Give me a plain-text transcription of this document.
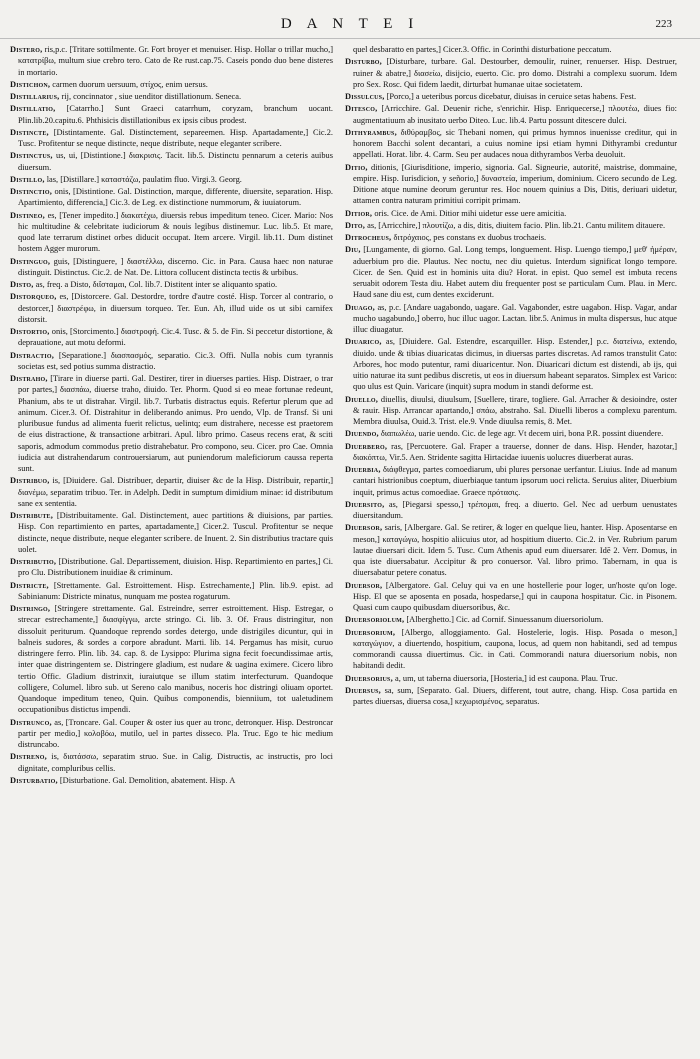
D A N T E I	223

Distero, ris,p.c. [Tritare sottilmente. Gr. Fort broyer et menuiser. Hisp. Hollar o trillar mucho,] κατατρίβω, multum siue crebro tero. Cato de Re rust.cap.75. Caseis pondo duo bene disteres in mortario.

Distichon, carmen duorum uersuum, στίχος, enim uersus.

Distillarius, rij, concinnator , siue uenditor distillationum. Seneca.

Distillatio, [Catarrho.] Sunt Graeci catarrhum, coryzam, branchum uocant. Plin.lib.20.capitu.6. Phthisicis distillationibus ex ipsis cibus prodest.

Distincte, [Distintamente. Gal. Distinctement, separeemen. Hisp. Apartadamente,] Cic.2. Tusc. Profitentur se neque distincte, neque distribute, neque eleganter scribere.

Distinctus, us, ui, [Distintione.] διακρισις. Tacit. lib.5. Distinctu pennarum a ceteris auibus diuersum.

Distillo, las, [Distillare.] καταστάζω, paulatim fluo. Virgi.3. Georg.

Distinctio, onis, [Distintione. Gal. Distinction, marque, differente, diuersite, separation. Hisp. Apartimiento, differencia,] Cic.3. de Leg. ex distinctione nummorum, & iuuiatorum.

Distineo, es, [Tener impedito.] διακατέχω, diuersis rebus impeditum teneo. Cicer. Mario: Nos hic multitudine & celebritate iudiciorum & nouis legibus distinemur. Luc. lib.5. Et mare, quod late terrarum distinet orbes diducit occupat. Item arcere. Virgil. lib.11. Dum distinet hostem Agger murorum.

Distinguo, guis, [Distinguere, ] διαστέλλω, discerno. Cic. in Para. Causa haec non naturae distinguit. Distinctus. Cic.2. de Nat. De. Littora collucent distincta tectis & urbibus.

Disto, as, freq. a Disto, διΐσταμαι, Col. lib.7. Distitent inter se aliquanto spatio.

Distorqueo, es, [Distorcere. Gal. Destordre, tordre d'autre costé. Hisp. Torcer al contrario, o destorcer,] διαστρέφω, in diuersum torqueo. Ter. Eun. Ah, illud uide os ut sibi carnifex distorsit.

Distortio, onis, [Storcimento.] διαστροφή. Cic.4. Tusc. & 5. de Fin. Si peccetur distortione, & deprauatione, aut motu deformi.

Distractio, [Separatione.] διασπασμός, separatio. Cic.3. Offi. Nulla nobis cum tyrannis societas est, sed potius summa distractio.

Distraho, [Tirare in diuerse parti. Gal. Destirer, tirer in diuerses parties. Hisp. Distraer, o trar por partes,] διασπάω, diuerse traho, diuido. Ter. Phorm. Quod si eo meae fortunae redeunt, Phanium, abs te ut distrahar. Virgil. lib.7. Turbatis distractus equis. Refertur plerum que ad animum. Cicer.3. Of. Distrahitur in deliberando animus. Pro uendo, Vlp. de Transf. Si uni pluribusue fundus ad alimenta fuerit relictus, uelintq; eum distrahere, necesse est praetorem de eius distractione, & transactione arbitrari. Apul. libro primo. Caseus recens erat, & sciti saporis, admodum commodus pretio distrahebatur. Pro compono, seu. Cicer. pro Cae. Omnia iudicia aut distrahendarum controuersiarum, aut puniendorum maleficiorum caussa reperta sunt.

Distribuo, is, [Diuidere. Gal. Distribuer, departir, diuiser &c de la Hisp. Distribuir, repartir,] διανέμω, separatim tribuo. Ter. in Adelph. Dedit in sumptum dimidium minae: id distributum sane ex sententia.

Distribute, [Distribuitamente. Gal. Distinctement, auec partitions & diuisions, par parties. Hisp. Con repartimiento en partes, apartadamente,] Cicer.2. Tuscul. Profitentur se neque distincte, neque distribute, neque eleganter scribere. de Inuent. 2. Sin distributius tractare quis uolet.

Distributio, [Distributione. Gal. Departissement, diuision. Hisp. Repartimiento en partes,] Ci. pro Clu. Distributionem inuidiae & criminum.

Districte, [Strettamente. Gal. Estroittement. Hisp. Estrechamente,] Plin. lib.9. epist. ad Sabinianum: Districte minatus, nunquam me postea rogaturum.

Distringo, [Stringere strettamente. Gal. Estreindre, serrer estroittement. Hisp. Estregar, o strecar estrechamente,] διασφίγγω, arcte stringo. Ci. lib. 3. Of. Fraus distringitur, non dissoluit periturum. Quandoque reprendo sordes detergo, unde distrigiles dicuntur, qui in balneis sudores, & sordes a corpore abradunt. Marti. lib. 14. Pergamus has misit, curuo distringere ferro. Plin. lib. 34. cap. 8. de Lysippo: Plurima signa fecit foecundissimae artis, inter quae distringentem se. Distringere gladium, est nudare & uagina eximere. Cicero libro tertio Offic. Gladium distrinxit, iuraiutque se illum statim interfecturum. Quandoque colligere, Columel. libro sub. ut Sereno calo manibus, noceris hoc distringi oliuam oportet. Quandoque impeditum teneo, Quin. Quibus componendis, bienniium, tot ualetudinem occupationibus distictus impendi.

Distrunco, as, [Troncare. Gal. Couper & oster ius quer au tronc, detronquer. Hisp. Destroncar partir per medio,] κολοβόω, mutilo, uel in partes disseco. Pla. Truc. Ego te hic medium distruncabo.

Distreno, is, διατάσσω, separatim struo. Sue. in Calig. Distructis, ac instructis, pro loci dignitate, compluribus cellis.

Disturbatio, [Disturbatione. Gal. Demolition, abatement. Hisp. A

quel desbaratto en partes,] Cicer.3. Offic. in Corinthi disturbatione peccatum.

Disturbo, [Disturbare, turbare. Gal. Destourber, demoulir, ruiner, renuerser. Hisp. Destruer, ruiner & abatre,] διασείω, disijcio, euerto. Cic. pro domo. Distrahi a complexu suorum. Idem pro Sex. Rosc. Qui fidem laedit, dirturbat humanae uitae societatem.

Dissulcus, [Porco,] a ueteribus porcus dicebatur, diuisas in ceruice setas habens. Fest.

Ditesco, [Arricchire. Gal. Deuenir riche, s'enrichir. Hisp. Enriquecerse,] πλουτέω, diues fio: augmentatiuum ab inusitato uerbo Diteo. Luc. lib.4. Partu possunt ditescere dulci.

Dithyrambus, διθύραμβος, sic Thebani nomen, qui primus hymnos inuenisse creditur, qui in honorem Bacchi solent decantari, a cuius nomine ipsi etiam hymni Dithyrambi creduntur appellati. Horat. libr. 4. Carm. Seu per audaces noua dithyrambos Verba deuoluit.

Ditio, ditionis, [Giurisditione, imperio, signoria. Gal. Signeurie, autorité, maistrise, dommaine, empire. Hisp. Iurisdicion, y señorio,] δυναστεία, imperium, dominium. Cicero secundo de Leg. Ditione atque numine deorum geruntur res. Hoc nouem quinius a Dis, Ditis, deriuari uidetur, attamen contra naturam primitiui corripit primam.

Ditior, oris. Cice. de Ami. Ditior mihi uidetur esse uere amicitia.

Dito, as, [Arricchire,] πλουτίζω, a dis, ditis, diuitem facio. Plin. lib.21. Cantu militem ditauere.

Ditrocheus, διτρόχαιος, pes constans ex duobus trochaeis.

Diu, [Lungamente, di giorno. Gal. Long temps, longuement. Hisp. Luengo tiempo,] μεθ' ἡμέραν, aduerbium pro die. Plautus. Nec noctu, nec diu quietus. Interdum significat longo tempore. Cicer. de Sen. Quid est in hominis uita diu? Horat. in epist. Quo semel est imbuta recens seruabit odorem Testa diu. Habet autem diu frequenter post se particulam Cum. Plau. in Merc. Haud sane diu est, cum dentes exciderunt.

Diuago, as, p.c. [Andare uagabondo, uagare. Gal. Vagabonder, estre uagabon. Hisp. Vagar, andar mucho uagabundo,] oberro, huc illuc uagor. Lactan. libr.5. Animus in multa dispersus, huc atque illuc diuagatur.

Diuarico, as, [Diuidere. Gal. Estendre, escarquiller. Hisp. Estender,] p.c. διατείνω, extendo, diuido. unde & tibias diuaricatas dicimus, in diuersas partes discretas. Ad ramos transtulit Cato: Arbores, hoc modo putentur, rami diuaricentur. Non. Diuaricari dictum est distendi, ab ijs, qui uitio naturae ita sunt pedibus discretis, ut eos in diuersum habeant separatos. Simplex est Varico: quo ulus est Quin. Varicare (inquit) supra modum in standi deforme est.

Diuello, diuellis, diuulsi, diuulsum, [Suellere, tirare, togliere. Gal. Arracher & desioindre, oster & rauir. Hisp. Arrancar apartando,] σπάω, abstraho. Sal. Diuelli liberos a complexu parentum. Membra diuulsa, Ouid.3. Trist. ele.9. Vnde diuulsa remis, 8. Met.

Diuendo, διαπωλέω, uarie uendo. Cic. de lege agr. Vt decem uiri, bona P.R. possint diuendere.

Diuerbero, ras, [Percuotere. Gal. Fraper a trauerse, donner de dans. Hisp. Hender, hazotar,] διακόπτω, Vir.5. Aen. Stridente sagitta Hirtacidae iuuenis uolucres diuerberat auras.

Diuerbia, διάφθεγμα, partes comoediarum, ubi plures personae uerfantur. Liuius. Inde ad manum cantari histrionibus coeptum, diuerbiaque tantum ipsorum uoci relicta. Seruius aliter, Diuerbium inquit, primus actus comoediae. Graece πρότασις.

Diuersito, as, [Piegarsi spesso,] τρέπομαι, freq. a diuerto. Gel. Nec ad uerbum uenustates diuersitandum.

Diuersor, saris, [Albergare. Gal. Se retirer, & loger en quelque lieu, hanter. Hisp. Aposentarse en meson,] καταγώγω, hospitio aliicuius utor, ad hospitium diuerto. Cic.2. in Ver. Rubrium parum lautae diuersari dicit. Idem 5. Tusc. Cum Athenis apud eum diuersarer. Idē 2. Verr. Domus, in qua iste diuersabatur. Accipitur & pro conuersor. Val. libro primo. Tabernam, in qua is diuersabatur petere conatus.

Diuersor, [Albergatore. Gal. Celuy qui va en une hostellerie pour loger, un'hoste qu'on loge. Hisp. El que se aposenta en posada, hospedarse,] qui in caupona hospitatur. Cic. in Pisonem. Quasi cum caupo quibusdam diuersoribus, &c.

Diuersoriolum, [Alberghetto.] Cic. ad Cornif. Sinuessanum diuersoriolum.

Diuersorium, [Albergo, alloggiamento. Gal. Hostelerie, logis. Hisp. Posada o meson,] καταγώγιον, a diuertendo, hospitium, caupona, locus, ad quem non habitandi, sed ad tempus commorandi caussa diuertimus. Cic. in Cati. Commorandi natura diuersorium nobis, non habitandi dedit.

Diuersorius, a, um, ut taberna diuersoria, [Hosteria,] id est caupona. Plau. Truc.

Diuersus, sa, sum, [Separato. Gal. Diuers, different, tout autre, chang. Hisp. Cosa partida en partes diuersas, diuersa cosa,] κεχωρισμένος, separatus.
